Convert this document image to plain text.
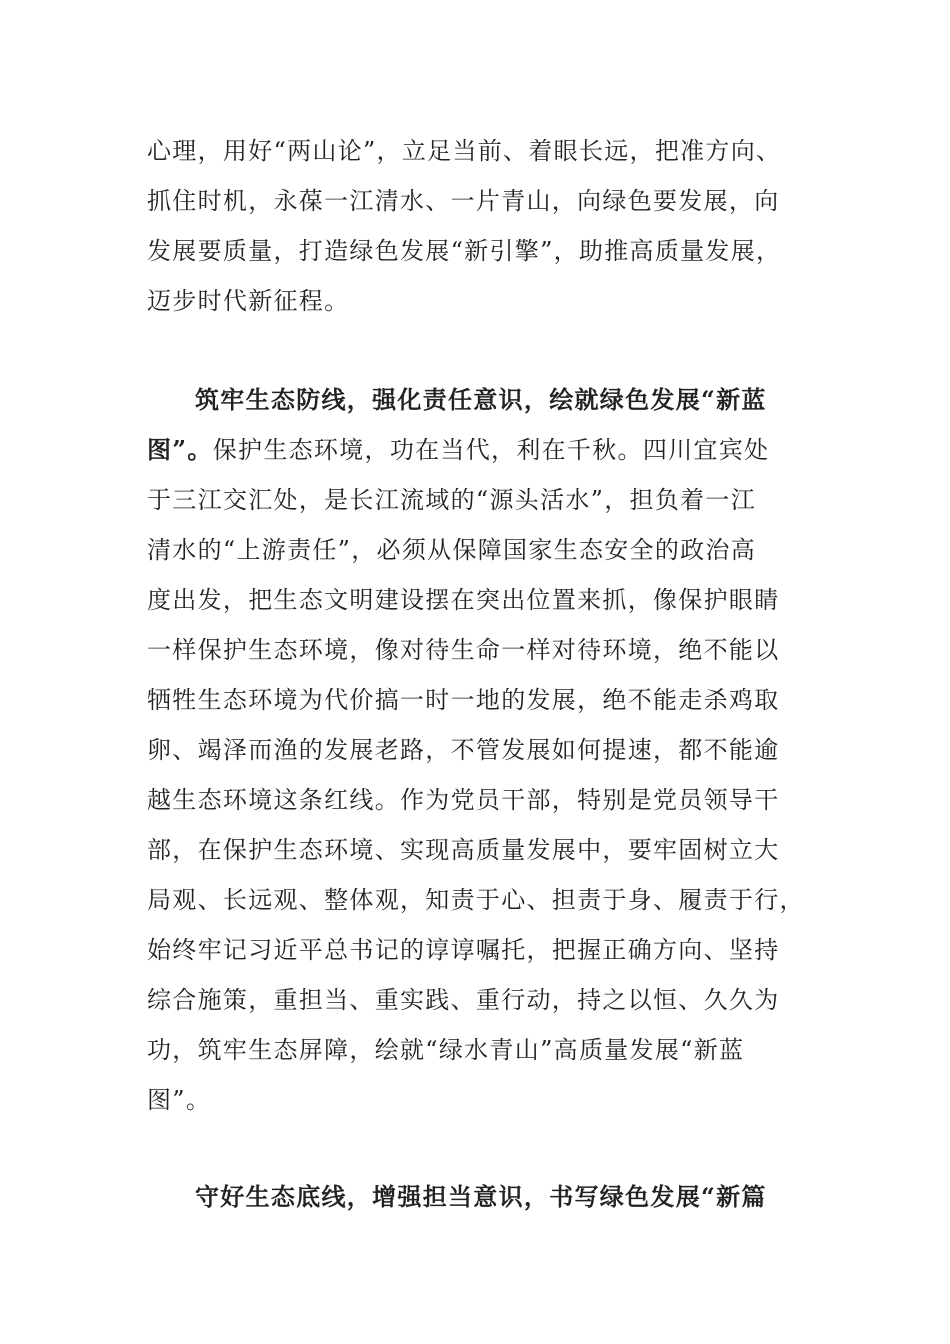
心理，用好“两山论”，立足当前、着眼长远，把准方向、
抓住时机，永葆一江清水、一片青山，向绿色要发展，向
发展要质量，打造绿色发展“新引擎”，助推高质量发展，
迈步时代新征程。
筑牢生态防线，强化责任意识，绘就绿色发展“新蓝
图”。保护生态环境，功在当代，利在千秋。四川宜宾处
于三江交汇处，是长江流域的“源头活水”，担负着一江
清水的“上游责任”，必须从保障国家生态安全的政治高
度出发，把生态文明建设摆在突出位置来抓，像保护眼睛
一样保护生态环境，像对待生命一样对待环境，绝不能以
牺牲生态环境为代价搞一时一地的发展，绝不能走杀鸡取
卵、竭泽而渔的发展老路，不管发展如何提速，都不能逾
越生态环境这条红线。作为党员干部，特别是党员领导干
部，在保护生态环境、实现高质量发展中，要牢固树立大
局观、长远观、整体观，知责于心、担责于身、履责于行，
始终牢记习近平总书记的谆谆嘱托，把握正确方向、坚持
综合施策，重担当、重实践、重行动，持之以恒、久久为
功，筑牢生态屏障，绘就“绿水青山”高质量发展“新蓝
图”。
守好生态底线，增强担当意识，书写绿色发展“新篇
